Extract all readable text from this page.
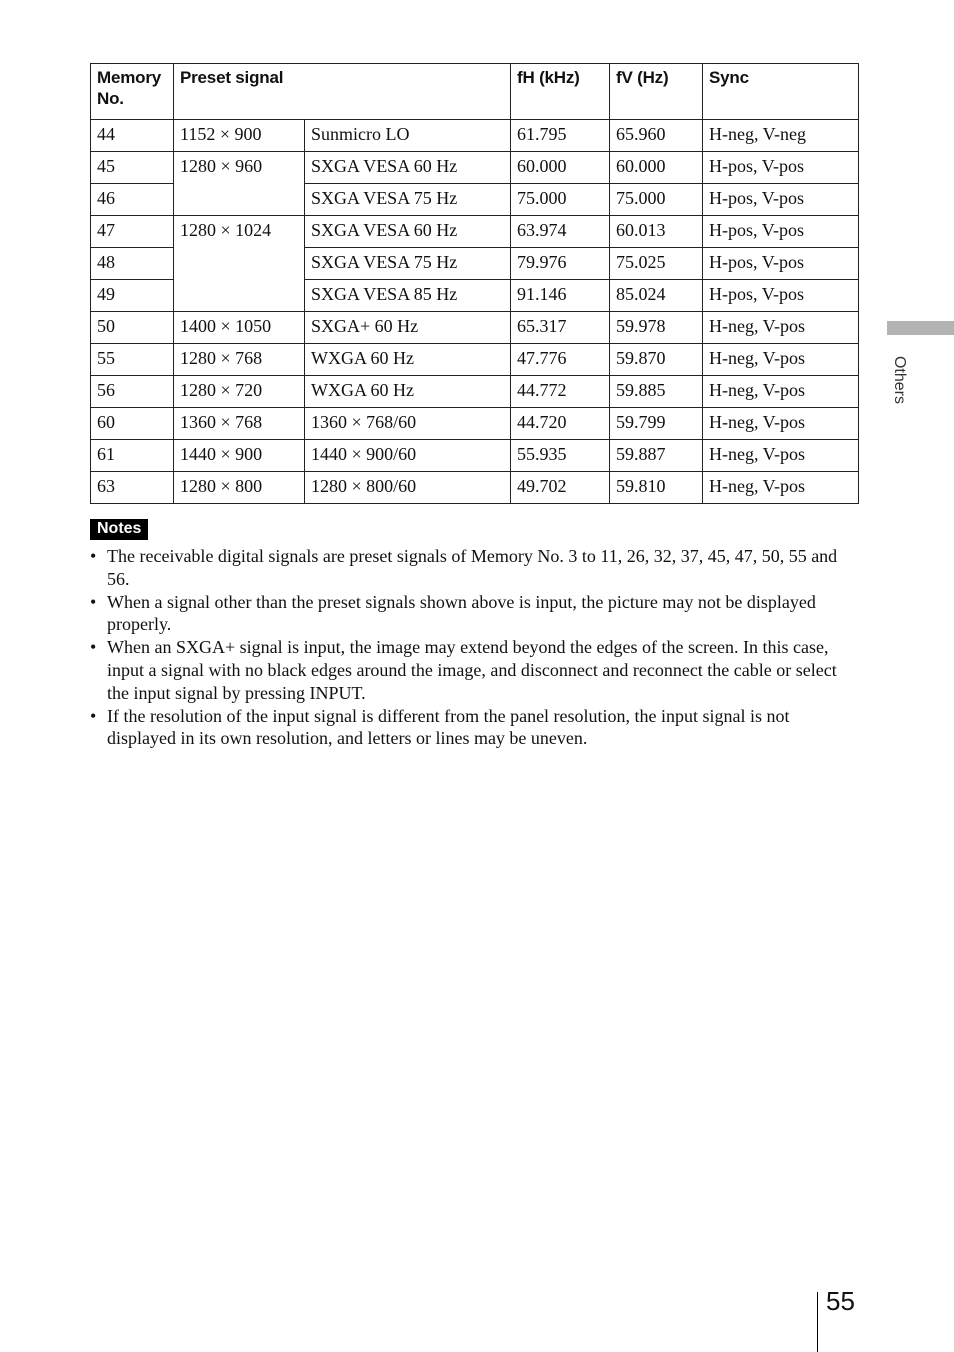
Memory
No.	Preset signal		fH (kHz)	fV (Hz)	Sync
44	1152 × 900	Sunmicro LO	61.795	65.960	H-neg, V-neg
45	1280 × 960	SXGA VESA 60 Hz	60.000	60.000	H-pos, V-pos
46		SXGA VESA 75 Hz	75.000	75.000	H-pos, V-pos
47	1280 × 1024	SXGA VESA 60 Hz	63.974	60.013	H-pos, V-pos
48		SXGA VESA 75 Hz	79.976	75.025	H-pos, V-pos
49		SXGA VESA 85 Hz	91.146	85.024	H-pos, V-pos
50	1400 × 1050	SXGA+ 60 Hz	65.317	59.978	H-neg, V-pos
55	1280 × 768	WXGA 60 Hz	47.776	59.870	H-neg, V-pos
56	1280 × 720	WXGA 60 Hz	44.772	59.885	H-neg, V-pos
60	1360 × 768	1360 × 768/60	44.720	59.799	H-neg, V-pos
61	1440 × 900	1440 × 900/60	55.935	59.887	H-neg, V-pos
63	1280 × 800	1280 × 800/60	49.702	59.810	H-neg, V-pos
Notes
• The receivable digital signals are preset signals of Memory No. 3 to 11, 26, 32, 37, 45, 47, 50, 55 and 56.
• When a signal other than the preset signals shown above is input, the picture may not be displayed properly.
• When an SXGA+ signal is input, the image may extend beyond the edges of the screen. In this case, input a signal with no black edges around the image, and disconnect and reconnect the cable or select the input signal by pressing INPUT.
• If the resolution of the input signal is different from the panel resolution, the input signal is not displayed in its own resolution, and letters or lines may be uneven.
Others
55
